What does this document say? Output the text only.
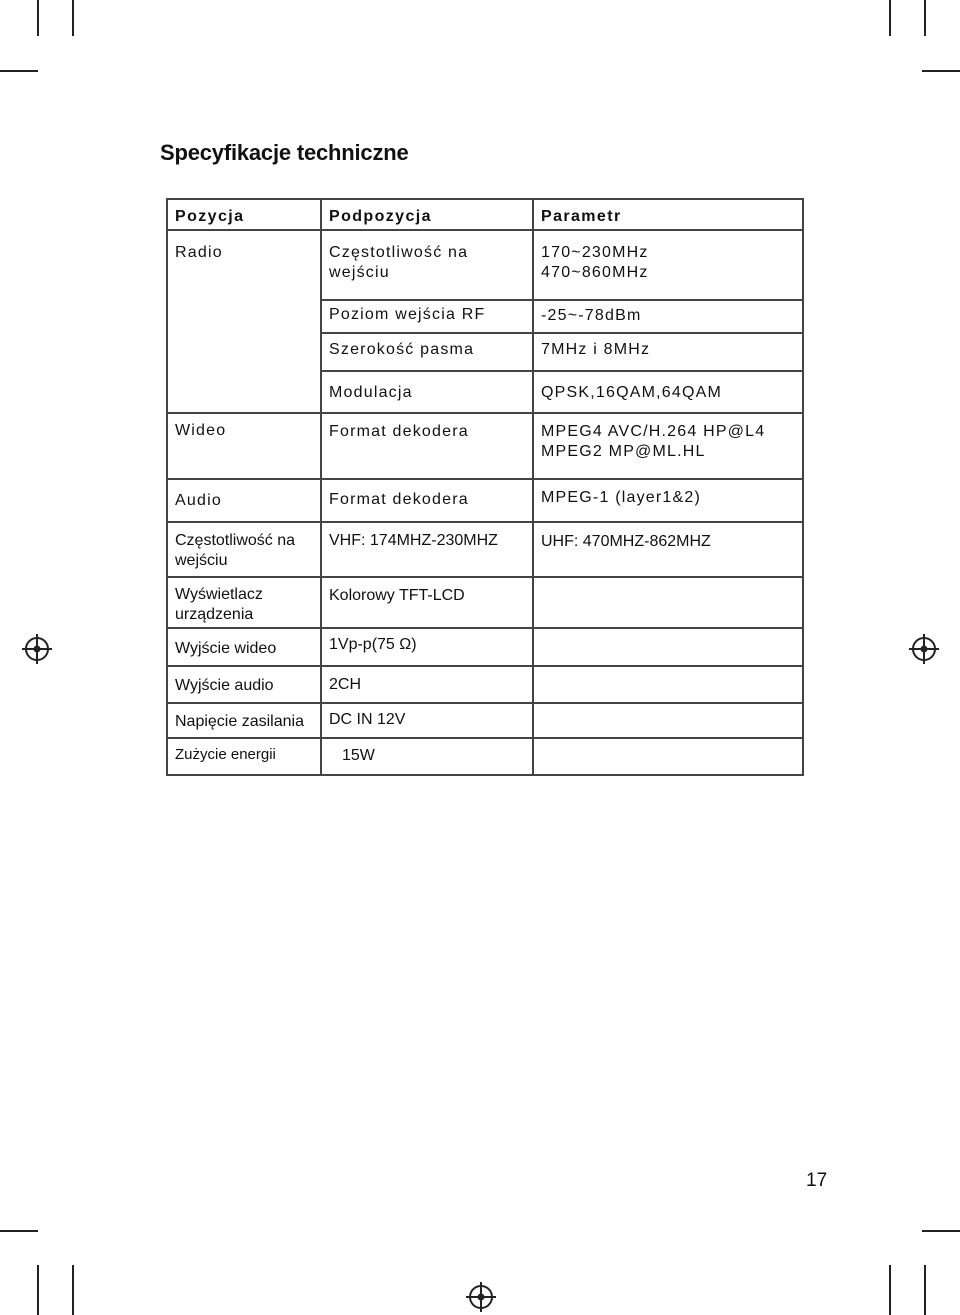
Specyfikacje techniczne
Pozycja	Podpozycja	Parametr
Radio	Częstotliwość na wejściu	170~230MHz
470~860MHz

	Poziom wejścia RF	-25~-78dBm
	Szerokość pasma	7MHz i 8MHz
	Modulacja	QPSK,16QAM,64QAM
Wideo	Format dekodera	MPEG4 AVC/H.264 HP@L4
MPEG2 MP@ML.HL

Audio	Format dekodera	MPEG-1 (layer1&2)
Częstotliwość na wejściu	VHF: 174MHZ-230MHZ	UHF: 470MHZ-862MHZ
Wyświetlacz urządzenia	Kolorowy TFT-LCD	
Wyjście wideo	1Vp-p(75 Ω)	
Wyjście audio	2CH	
Napięcie zasilania	DC IN 12V	
Zużycie energii	15W	
17
